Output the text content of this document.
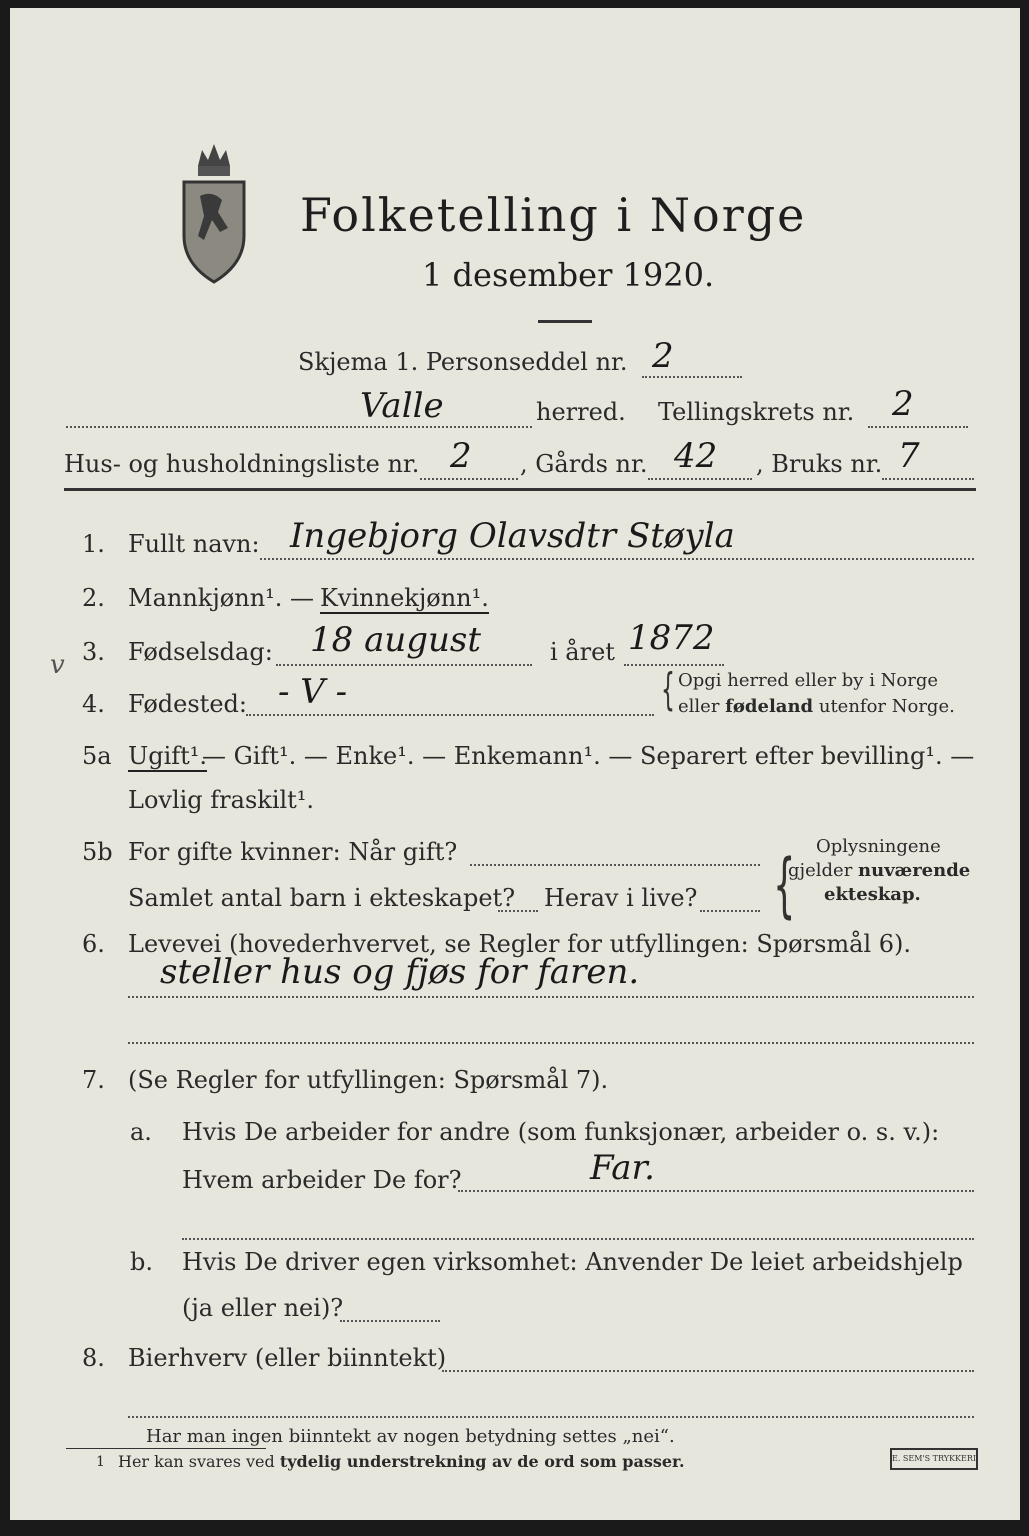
Folketelling i Norge
1 desember 1920.
Skjema 1. Personseddel nr. 2
Valle	herred. Tellingskrets nr. 2
Hus- og husholdningsliste nr. 2 , Gårds nr. 42 , Bruks nr. 7
1. Fullt navn: Ingebjorg Olavsdtr Støyla
2. Mannkjønn¹. — Kvinnekjønn¹.
3. Fødselsdag: 18 august	i året 1872
v
4. Fødested: - V -	{ Opgi herred eller by i Norge
eller fødeland utenfor Norge.
5a Ugift¹.
— Gift¹. — Enke¹. — Enkemann¹. — Separert efter bevilling¹. —
Lovlig fraskilt¹.
5b For gifte kvinner: Når gift?
Samlet antal barn i ekteskapet? Herav i live? { Oplysningene
gjelder nuværende
ekteskap.
6. Levevei (hovederhvervet, se Regler for utfyllingen: Spørsmål 6).
steller hus og fjøs for faren.
7. (Se Regler for utfyllingen: Spørsmål 7).
a. Hvis De arbeider for andre (som funksjonær, arbeider o. s. v.):
Hvem arbeider De for?	Far.
b. Hvis De driver egen virksomhet: Anvender De leiet arbeidshjelp
(ja eller nei)?
8. Bierhverv (eller biinntekt)
Har man ingen biinntekt av nogen betydning settes „nei“.
1 Her kan svares ved tydelig understrekning av de ord som passer.	E. SEM'S TRYKKERI
